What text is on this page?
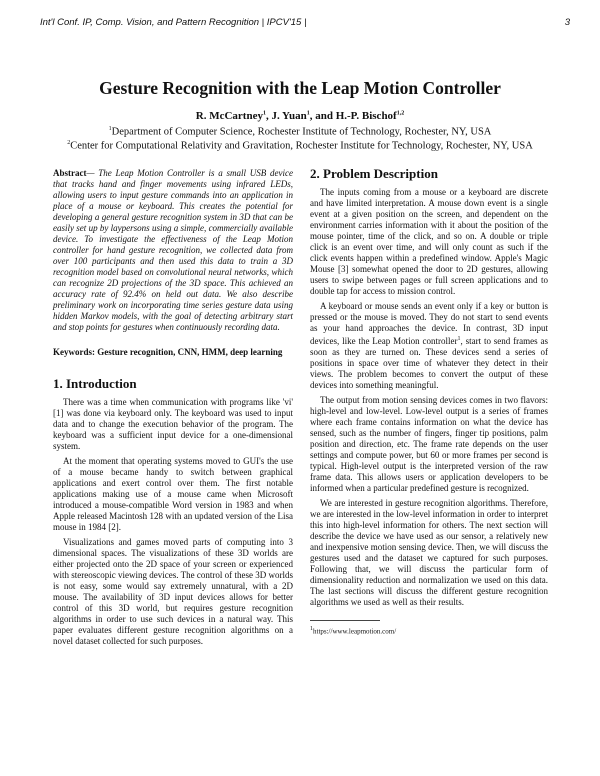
Int'l Conf. IP, Comp. Vision, and Pattern Recognition | IPCV'15 |	3
Gesture Recognition with the Leap Motion Controller
R. McCartney$^1$, J. Yuan$^1$, and H.-P. Bischof$^{1,2}$
$^1$Department of Computer Science, Rochester Institute of Technology, Rochester, NY, USA
$^2$Center for Computational Relativity and Gravitation, Rochester Institute for Technology, Rochester, NY, USA
Abstract— The Leap Motion Controller is a small USB device that tracks hand and finger movements using infrared LEDs, allowing users to input gesture commands into an application in place of a mouse or keyboard. This creates the potential for developing a general gesture recognition system in 3D that can be easily set up by laypersons using a simple, commercially available device. To investigate the effectiveness of the Leap Motion controller for hand gesture recognition, we collected data from over 100 participants and then used this data to train a 3D recognition model based on convolutional neural networks, which can recognize 2D projections of the 3D space. This achieved an accuracy rate of 92.4% on held out data. We also describe preliminary work on incorporating time series gesture data using hidden Markov models, with the goal of detecting arbitrary start and stop points for gestures when continuously recording data.
Keywords: Gesture recognition, CNN, HMM, deep learning
1. Introduction

There was a time when communication with programs like 'vi' [1] was done via keyboard only. The keyboard was used to input data and to change the execution behavior of the program. The keyboard was a sufficient input device for a one-dimensional system.

At the moment that operating systems moved to GUI's the use of a mouse became handy to switch between graphical applications and exert control over them. The first notable applications making use of a mouse came when Microsoft introduced a mouse-compatible Word version in 1983 and when Apple released Macintosh 128 with an updated version of the Lisa mouse in 1984 [2].

Visualizations and games moved parts of computing into 3 dimensional spaces. The visualizations of these 3D worlds are either projected onto the 2D space of your screen or experienced with stereoscopic viewing devices. The control of these 3D worlds is not easy, some would say extremely unnatural, with a 2D mouse. The availability of 3D input devices allows for better control of this 3D world, but requires gesture recognition algorithms in order to use such devices in a natural way. This paper evaluates different gesture recognition algorithms on a novel dataset collected for such purposes.

2. Problem Description

The inputs coming from a mouse or a keyboard are discrete and have limited interpretation. A mouse down event is a single event at a given position on the screen, and dependent on the environment carries information with it about the position of the mouse pointer, time of the click, and so on. A double or triple click is an event over time, and will only count as such if the click events happen within a predefined window. Apple's Magic Mouse [3] somewhat opened the door to 2D gestures, allowing users to swipe between pages or full screen applications and to double tap for access to mission control.

A keyboard or mouse sends an event only if a key or button is pressed or the mouse is moved. They do not start to send events as your hand approaches the device. In contrast, 3D input devices, like the Leap Motion controller$^1$, start to send frames as soon as they are turned on. These devices send a series of positions in space over time of whatever they detect in their views. The problem becomes to convert the output of these devices into something meaningful.

The output from motion sensing devices comes in two flavors: high-level and low-level. Low-level output is a series of frames where each frame contains information on what the device has sensed, such as the number of fingers, finger tip positions, palm position and direction, etc. The frame rate depends on the user settings and compute power, but 60 or more frames per second is typical. High-level output is the interpreted version of the raw frame data. This allows users or application developers to be informed when a particular predefined gesture is recognized.

We are interested in gesture recognition algorithms. Therefore, we are interested in the low-level information in order to interpret this into high-level information for others. The next section will describe the device we have used as our sensor, a relatively new and inexpensive motion sensing device. Then, we will discuss the gestures used and the dataset we captured for such purposes. Following that, we will discuss the particular form of dimensionality reduction and normalization we used on this data. The last sections will discuss the different gesture recognition algorithms we used as well as their results.

$^1$https://www.leapmotion.com/
